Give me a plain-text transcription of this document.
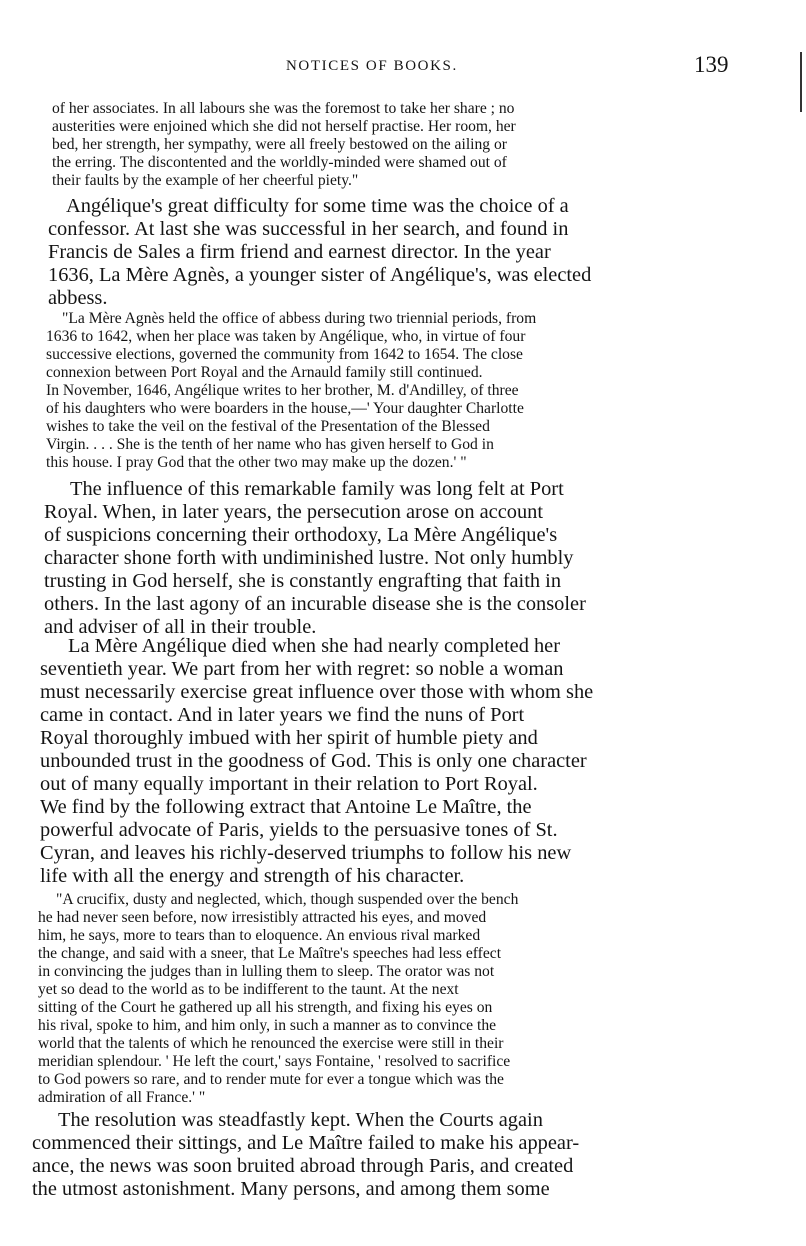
NOTICES OF BOOKS.	139
of her associates. In all labours she was the foremost to take her share ; no
austerities were enjoined which she did not herself practise. Her room, her
bed, her strength, her sympathy, were all freely bestowed on the ailing or
the erring. The discontented and the worldly-minded were shamed out of
their faults by the example of her cheerful piety."
Angélique's great difficulty for some time was the choice of a
confessor. At last she was successful in her search, and found in
Francis de Sales a firm friend and earnest director. In the year
1636, La Mère Agnès, a younger sister of Angélique's, was elected
abbess.
"La Mère Agnès held the office of abbess during two triennial periods, from
1636 to 1642, when her place was taken by Angélique, who, in virtue of four
successive elections, governed the community from 1642 to 1654. The close
connexion between Port Royal and the Arnauld family still continued.
In November, 1646, Angélique writes to her brother, M. d'Andilley, of three
of his daughters who were boarders in the house,—' Your daughter Charlotte
wishes to take the veil on the festival of the Presentation of the Blessed
Virgin. . . . She is the tenth of her name who has given herself to God in
this house. I pray God that the other two may make up the dozen.' "
The influence of this remarkable family was long felt at Port
Royal. When, in later years, the persecution arose on account
of suspicions concerning their orthodoxy, La Mère Angélique's
character shone forth with undiminished lustre. Not only humbly
trusting in God herself, she is constantly engrafting that faith in
others. In the last agony of an incurable disease she is the consoler
and adviser of all in their trouble.
La Mère Angélique died when she had nearly completed her
seventieth year. We part from her with regret: so noble a woman
must necessarily exercise great influence over those with whom she
came in contact. And in later years we find the nuns of Port
Royal thoroughly imbued with her spirit of humble piety and
unbounded trust in the goodness of God. This is only one character
out of many equally important in their relation to Port Royal.
We find by the following extract that Antoine Le Maître, the
powerful advocate of Paris, yields to the persuasive tones of St.
Cyran, and leaves his richly-deserved triumphs to follow his new
life with all the energy and strength of his character.
"A crucifix, dusty and neglected, which, though suspended over the bench
he had never seen before, now irresistibly attracted his eyes, and moved
him, he says, more to tears than to eloquence. An envious rival marked
the change, and said with a sneer, that Le Maître's speeches had less effect
in convincing the judges than in lulling them to sleep. The orator was not
yet so dead to the world as to be indifferent to the taunt. At the next
sitting of the Court he gathered up all his strength, and fixing his eyes on
his rival, spoke to him, and him only, in such a manner as to convince the
world that the talents of which he renounced the exercise were still in their
meridian splendour. ' He left the court,' says Fontaine, ' resolved to sacrifice
to God powers so rare, and to render mute for ever a tongue which was the
admiration of all France.' "
The resolution was steadfastly kept. When the Courts again
commenced their sittings, and Le Maître failed to make his appear-
ance, the news was soon bruited abroad through Paris, and created
the utmost astonishment. Many persons, and among them some
